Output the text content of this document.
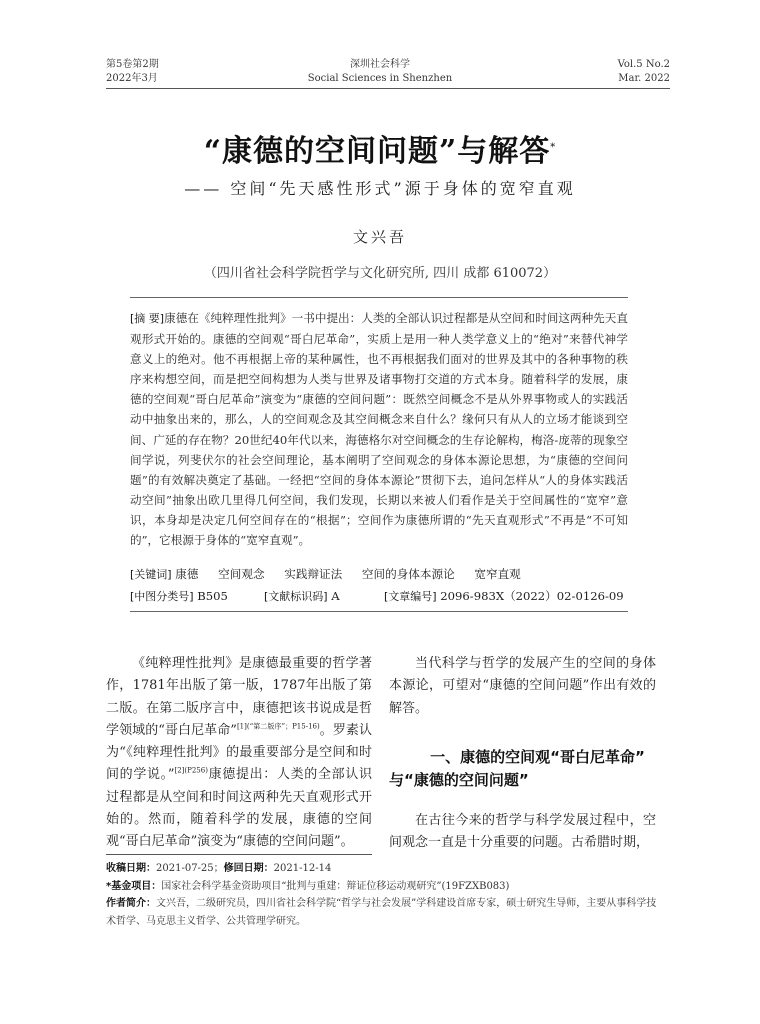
第5卷第2期
2022年3月
深圳社会科学
Social Sciences in Shenzhen
Vol.5 No.2
Mar. 2022
“康德的空间问题”与解答*
—— 空间“先天感性形式”源于身体的宽窄直观
文兴吾
（四川省社会科学院哲学与文化研究所, 四川 成都 610072）
[摘 要]康德在《纯粹理性批判》一书中提出：人类的全部认识过程都是从空间和时间这两种先天直观形式开始的。康德的空间观“哥白尼革命”，实质上是用一种人类学意义上的“绝对”来替代神学意义上的绝对。他不再根据上帝的某种属性，也不再根据我们面对的世界及其中的各种事物的秩序来构想空间，而是把空间构想为人类与世界及诸事物打交道的方式本身。随着科学的发展，康德的空间观“哥白尼革命”演变为“康德的空间问题”：既然空间概念不是从外界事物或人的实践活动中抽象出来的，那么，人的空间观念及其空间概念来自什么？缘何只有从人的立场才能谈到空间、广延的存在物？20世纪40年代以来，海德格尔对空间概念的生存论解构，梅洛-庞蒂的现象空间学说，列斐伏尔的社会空间理论，基本阐明了空间观念的身体本源论思想，为“康德的空间问题”的有效解决奠定了基础。一经把“空间的身体本源论”贯彻下去，追问怎样从“人的身体实践活动空间”抽象出欧几里得几何空间，我们发现，长期以来被人们看作是关于空间属性的“宽窄”意识，本身却是决定几何空间存在的“根据”；空间作为康德所谓的“先天直观形式”不再是“不可知的”，它根源于身体的“宽窄直观”。
[关键词] 康德 空间观念 实践辩证法 空间的身体本源论 宽窄直观
[中图分类号] B505	[文献标识码] A	[文章编号] 2096-983X（2022）02-0126-09

《纯粹理性批判》是康德最重要的哲学著作，1781年出版了第一版，1787年出版了第二版。在第二版序言中，康德把该书说成是哲学领域的“哥白尼革命”$^{[1](“第二版序”;P15-16)}$。罗素认为“《纯粹理性批判》的最重要部分是空间和时间的学说。”$^{[2](P256)}$康德提出：人类的全部认识过程都是从空间和时间这两种先天直观形式开始的。然而，随着科学的发展，康德的空间观“哥白尼革命”演变为“康德的空间问题”。

当代科学与哲学的发展产生的空间的身体本源论，可望对“康德的空间问题”作出有效的解答。

一、康德的空间观“哥白尼革命”
与“康德的空间问题”

在古往今来的哲学与科学发展过程中，空间观念一直是十分重要的问题。古希腊时期，

收稿日期：2021-07-25；修回日期：2021-12-14
*基金项目：国家社会科学基金资助项目“批判与重建：辩证位移运动观研究”(19FZXB083)
作者简介：文兴吾，二级研究员，四川省社会科学院“哲学与社会发展”学科建设首席专家，硕士研究生导师，主要从事科学技术哲学、马克思主义哲学、公共管理学研究。
